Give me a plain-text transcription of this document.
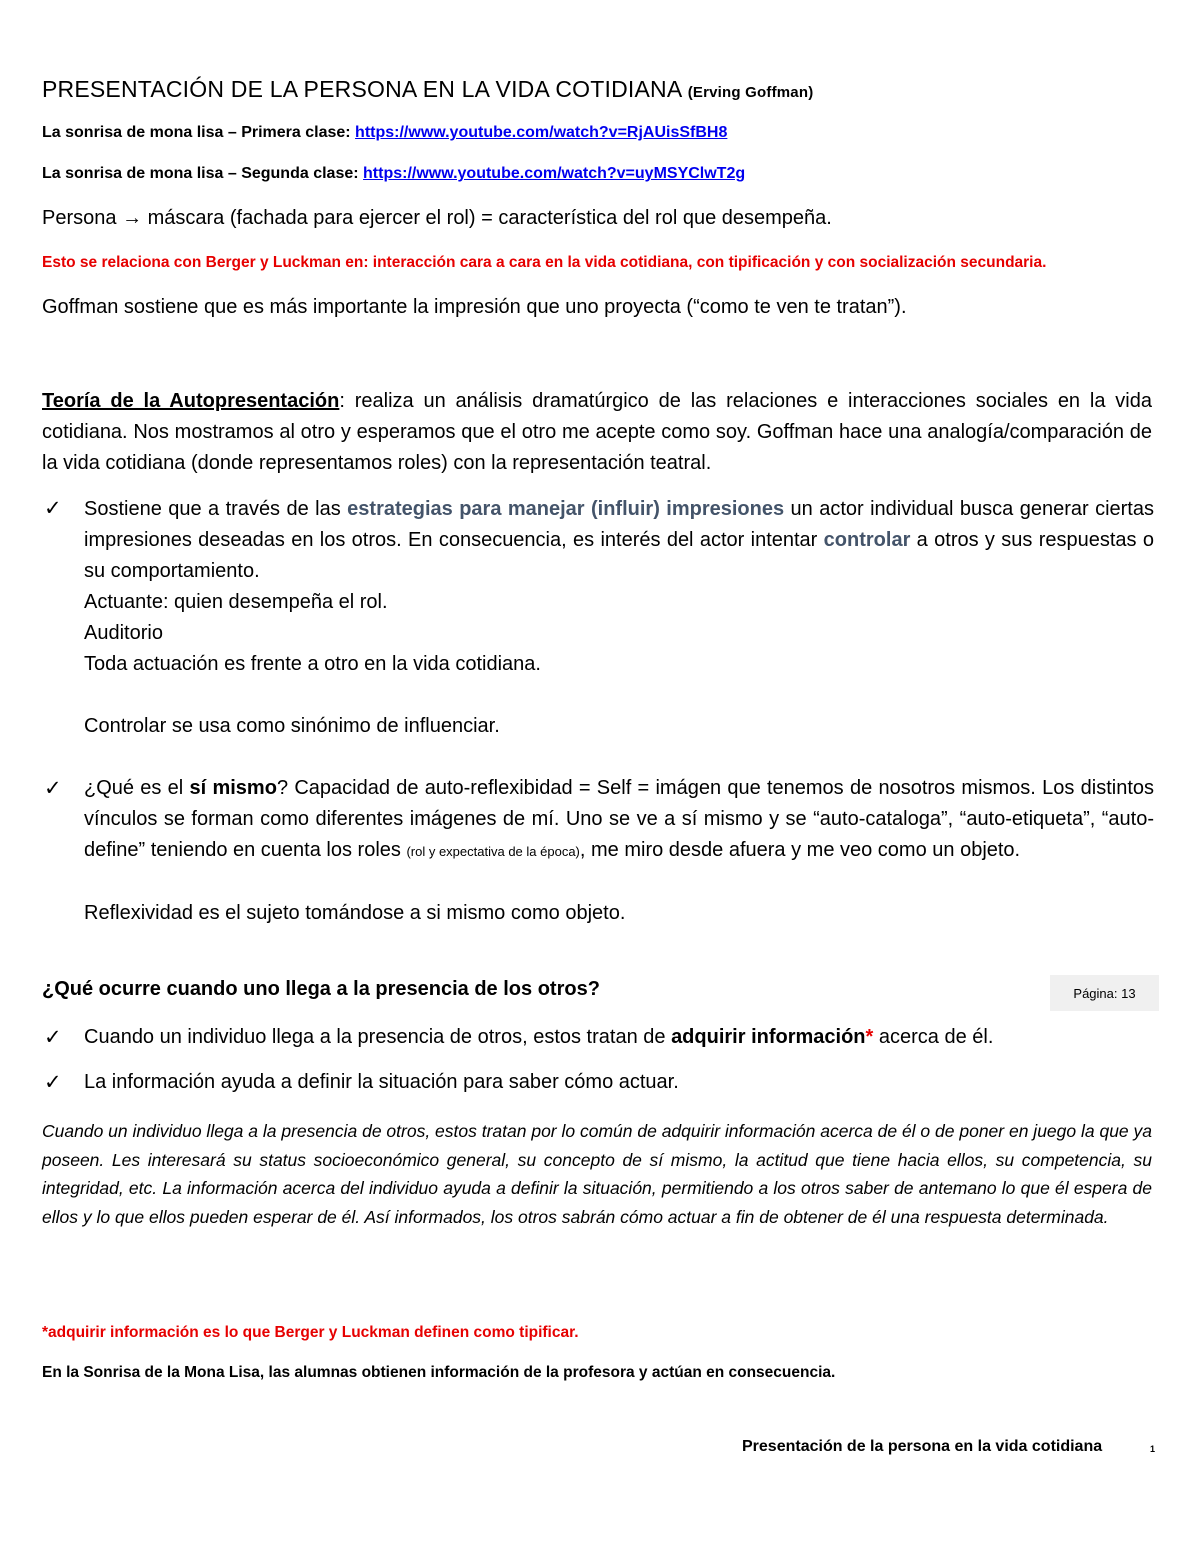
PRESENTACIÓN DE LA PERSONA EN LA VIDA COTIDIANA (Erving Goffman)
La sonrisa de mona lisa – Primera clase: https://www.youtube.com/watch?v=RjAUisSfBH8
La sonrisa de mona lisa – Segunda clase: https://www.youtube.com/watch?v=uyMSYClwT2g
Persona → máscara (fachada para ejercer el rol) = característica del rol que desempeña.
Esto se relaciona con Berger y Luckman en: interacción cara a cara en la vida cotidiana, con tipificación y con socialización secundaria.
Goffman sostiene que es más importante la impresión que uno proyecta (“como te ven te tratan”).
Teoría de la Autopresentación: realiza un análisis dramatúrgico de las relaciones e interacciones sociales en la vida cotidiana. Nos mostramos al otro y esperamos que el otro me acepte como soy. Goffman hace una analogía/comparación de la vida cotidiana (donde representamos roles) con la representación teatral.
✓ Sostiene que a través de las estrategias para manejar (influir) impresiones un actor individual busca generar ciertas impresiones deseadas en los otros. En consecuencia, es interés del actor intentar controlar a otros y sus respuestas o su comportamiento.
Actuante: quien desempeña el rol.
Auditorio
Toda actuación es frente a otro en la vida cotidiana.
Controlar se usa como sinónimo de influenciar.
✓ ¿Qué es el sí mismo? Capacidad de auto-reflexibidad = Self = imágen que tenemos de nosotros mismos. Los distintos vínculos se forman como diferentes imágenes de mí. Uno se ve a sí mismo y se “auto-cataloga”, “auto-etiqueta”, “auto-define” teniendo en cuenta los roles (rol y expectativa de la época), me miro desde afuera y me veo como un objeto.
Reflexividad es el sujeto tomándose a si mismo como objeto.
¿Qué ocurre cuando uno llega a la presencia de los otros?	Página: 13
✓ Cuando un individuo llega a la presencia de otros, estos tratan de adquirir información* acerca de él.
✓ La información ayuda a definir la situación para saber cómo actuar.
Cuando un individuo llega a la presencia de otros, estos tratan por lo común de adquirir información acerca de él o de poner en juego la que ya poseen. Les interesará su status socioeconómico general, su concepto de sí mismo, la actitud que tiene hacia ellos, su competencia, su integridad, etc. La información acerca del individuo ayuda a definir la situación, permitiendo a los otros saber de antemano lo que él espera de ellos y lo que ellos pueden esperar de él. Así informados, los otros sabrán cómo actuar a fin de obtener de él una respuesta determinada.
*adquirir información es lo que Berger y Luckman definen como tipificar.
En la Sonrisa de la Mona Lisa, las alumnas obtienen información de la profesora y actúan en consecuencia.
Presentación de la persona en la vida cotidiana	1
